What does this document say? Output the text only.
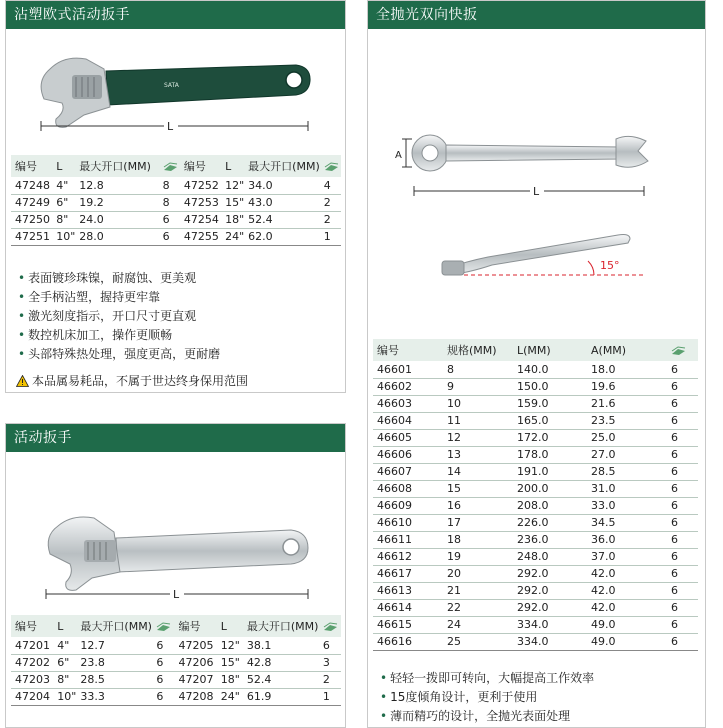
沾塑欧式活动扳手
SATA
L
编号	L	最大开口(MM)		编号	L	最大开口(MM)	
47248	4"	12.8	8	47252	12"	34.0	4
47249	6"	19.2	8	47253	15"	43.0	2
47250	8"	24.0	6	47254	18"	52.4	2
47251	10"	28.0	6	47255	24"	62.0	1
• 表面镀珍珠镍，耐腐蚀、更美观
• 全手柄沾塑，握持更牢靠
• 激光刻度指示，开口尺寸更直观
• 数控机床加工，操作更顺畅
• 头部特殊热处理，强度更高，更耐磨
本品属易耗品，不属于世达终身保用范围
活动扳手
L
编号	L	最大开口(MM)		编号	L	最大开口(MM)	
47201	4"	12.7	6	47205	12"	38.1	6
47202	6"	23.8	6	47206	15"	42.8	3
47203	8"	28.5	6	47207	18"	52.4	2
47204	10"	33.3	6	47208	24"	61.9	1
全抛光双向快扳
A
L
15°
编号	规格(MM)	L(MM)	A(MM)	
46601	8	140.0	18.0	6
46602	9	150.0	19.6	6
46603	10	159.0	21.6	6
46604	11	165.0	23.5	6
46605	12	172.0	25.0	6
46606	13	178.0	27.0	6
46607	14	191.0	28.5	6
46608	15	200.0	31.0	6
46609	16	208.0	33.0	6
46610	17	226.0	34.5	6
46611	18	236.0	36.0	6
46612	19	248.0	37.0	6
46617	20	292.0	42.0	6
46613	21	292.0	42.0	6
46614	22	292.0	42.0	6
46615	24	334.0	49.0	6
46616	25	334.0	49.0	6
• 轻轻一拨即可转向，大幅提高工作效率
• 15度倾角设计，更利于使用
• 薄而精巧的设计，全抛光表面处理
